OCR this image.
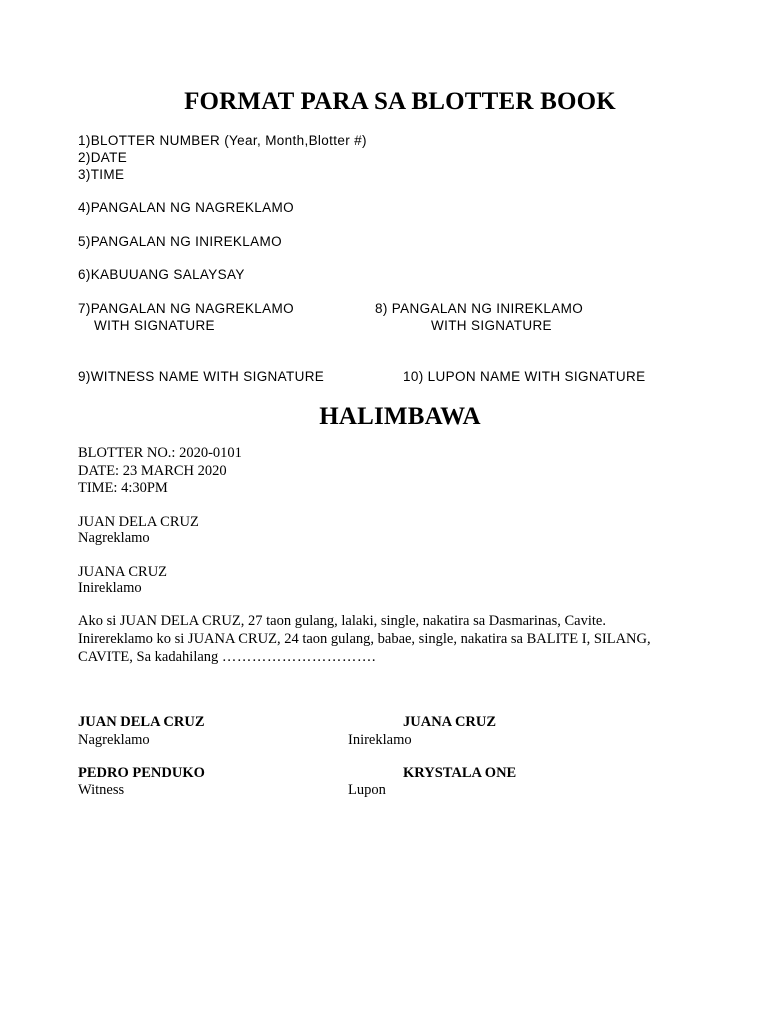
FORMAT PARA SA BLOTTER BOOK
1)BLOTTER NUMBER (Year, Month,Blotter #)
2)DATE
3)TIME
4)PANGALAN NG NAGREKLAMO
5)PANGALAN NG INIREKLAMO
6)KABUUANG SALAYSAY
7)PANGALAN NG NAGREKLAMO
WITH SIGNATURE
8) PANGALAN NG INIREKLAMO
WITH SIGNATURE
9)WITNESS NAME WITH SIGNATURE	10) LUPON NAME WITH SIGNATURE
HALIMBAWA
BLOTTER NO.: 2020-0101
DATE: 23 MARCH 2020
TIME: 4:30PM
JUAN DELA CRUZ
Nagreklamo
JUANA CRUZ
Inireklamo
Ako si JUAN DELA CRUZ, 27 taon gulang, lalaki, single, nakatira sa Dasmarinas, Cavite.
Inirereklamo ko si JUANA CRUZ, 24 taon gulang, babae, single, nakatira sa BALITE I, SILANG,
CAVITE, Sa kadahilang ………………………….
JUAN DELA CRUZ
Nagreklamo
JUANA CRUZ
Inireklamo
PEDRO PENDUKO
Witness
KRYSTALA ONE
Lupon
